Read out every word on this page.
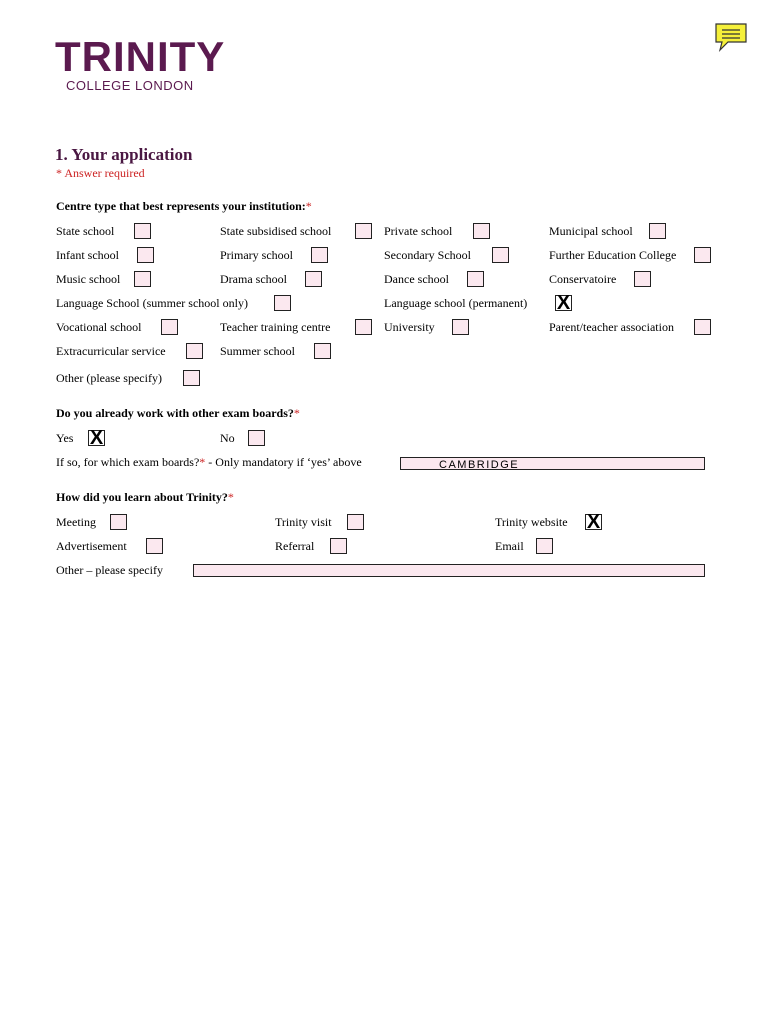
TRINITY
COLLEGE LONDON
1. Your application
* Answer required
Centre type that best represents your institution:*
State school	State subsidised school	Private school	Municipal school
Infant school	Primary school	Secondary School	Further Education College
Music school	Drama school	Dance school	Conservatoire
Language School (summer school only)	Language school (permanent) X
Vocational school	Teacher training centre	University	Parent/teacher association
Extracurricular service	Summer school
Other (please specify)
Do you already work with other exam boards?*
Yes X	No
If so, for which exam boards?* - Only mandatory if ‘yes’ above	CAMBRIDGE
How did you learn about Trinity?*
Meeting	Trinity visit	Trinity website X
Advertisement	Referral	Email
Other – please specify
